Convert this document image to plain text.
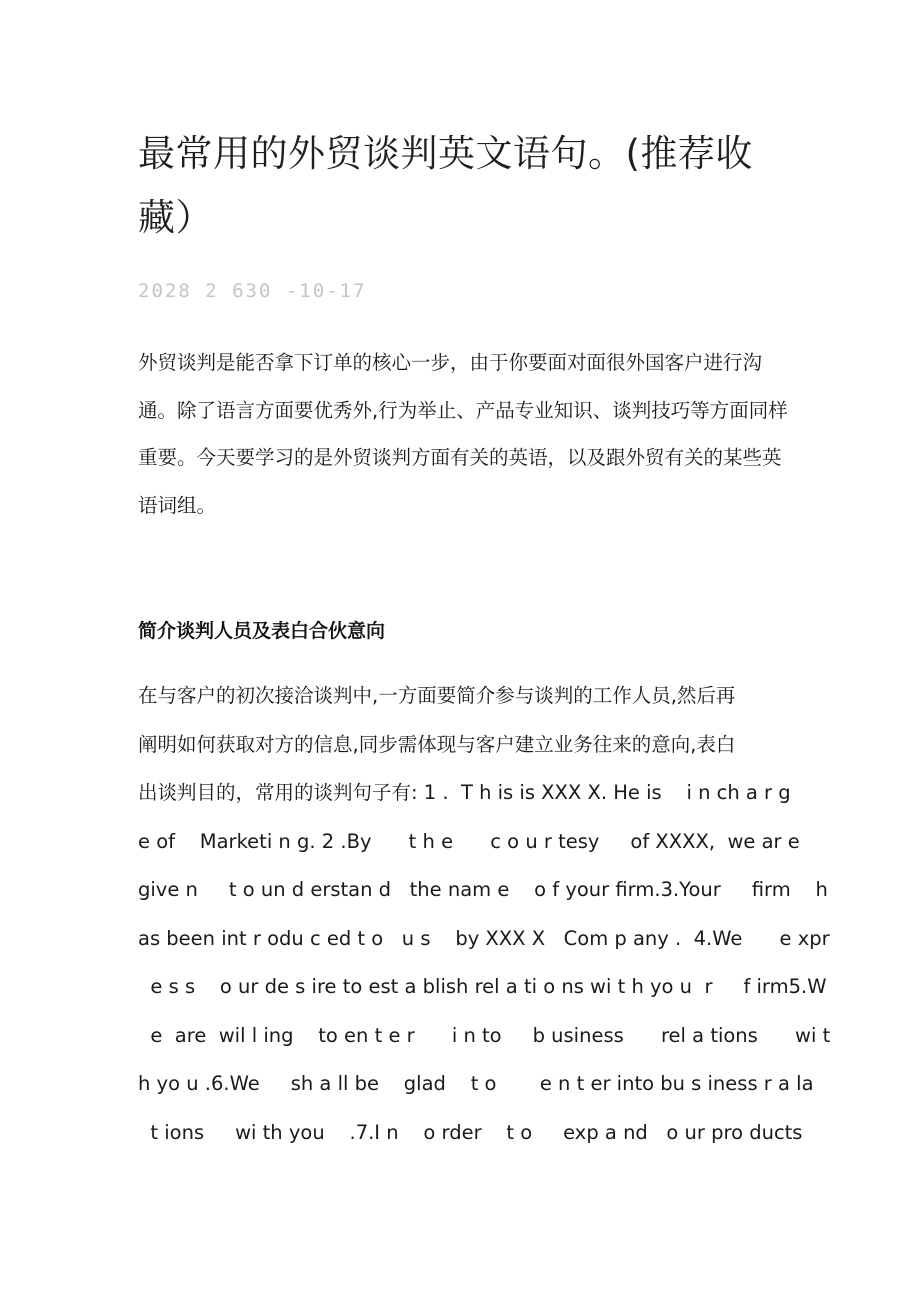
最常用的外贸谈判英文语句。(推荐收藏）
2028 2 630 -10-17

外贸谈判是能否拿下订单的核心一步，由于你要面对面很外国客户进行沟通。除了语言方面要优秀外,行为举止、产品专业知识、谈判技巧等方面同样重要。今天要学习的是外贸谈判方面有关的英语，以及跟外贸有关的某些英语词组。

简介谈判人员及表白合伙意向
在与客户的初次接洽谈判中,一方面要简介参与谈判的工作人员,然后再
阐明如何获取对方的信息,同步需体现与客户建立业务往来的意向,表白
出谈判目的，常用的谈判句子有: 1 .  T h is is XXX X. He is    i n ch a r g
e of    Marketi n g. 2 .By      t h e      c o u r tesy     of XXXX,  we ar e
give n     t o un d erstan d   the nam e    o f your firm.3.Your     firm    h
as been int r odu c ed t o   u s    by XXX X   Com p any .  4.We      e xpr
e s s    o ur de s ire to est a blish rel a ti o ns wi t h yo u  r     f irm5.W
e  are  wil l ing    to en t e r      i n to     b usiness      rel a tions      wi t
h yo u .6.We     sh a ll be    glad    t o       e n t er into bu s iness r a la
t ions     wi th you    .7.I n    o rder    t o     exp a nd   o ur pro ducts
